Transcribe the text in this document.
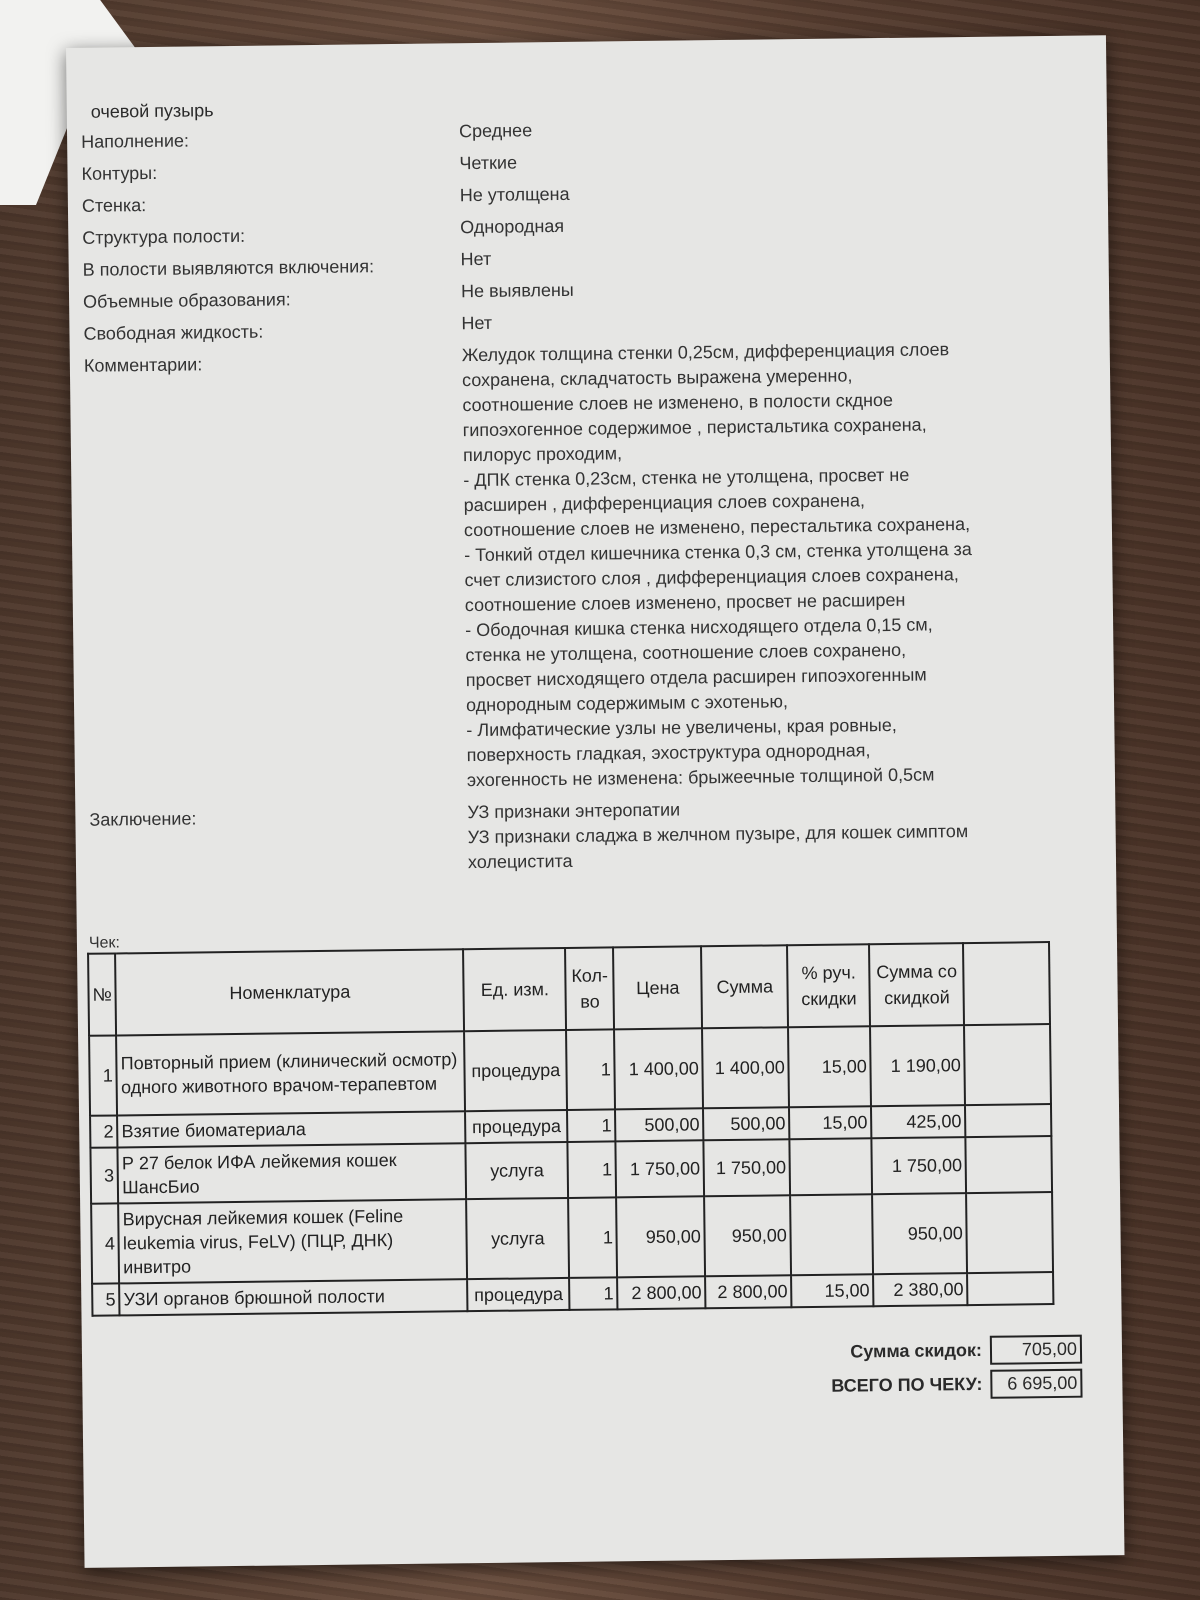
очевой пузырь
Наполнение:	Среднее
Контуры:
Четкие
Стенка:
Не утолщена
Структура полости:	Однородная
В полости выявляются включения:	Нет
Объемные образования:	Не выявлены
Свободная жидкость:	Нет
Комментарии:	Желудок толщина стенки 0,25см, дифференциация слоев
сохранена, складчатость выражена умеренно,
соотношение слоев не изменено, в полости скдное
гипоэхогенное содержимое , перистальтика сохранена,
пилорус проходим,
- ДПК стенка 0,23см, стенка не утолщена, просвет не
расширен , дифференциация слоев сохранена,
соотношение слоев не изменено, перестальтика сохранена,
- Тонкий отдел кишечника стенка 0,3 см, стенка утолщена за
счет слизистого слоя , дифференциация слоев сохранена,
соотношение слоев изменено, просвет не расширен
- Ободочная кишка стенка нисходящего отдела 0,15 см,
стенка не утолщена, соотношение слоев сохранено,
просвет нисходящего отдела расширен гипоэхогенным
однородным содержимым с эхотенью,
- Лимфатические узлы не увеличены, края ровные,
поверхность гладкая, эхоструктура однородная,
эхогенность не изменена: брыжеечные толщиной 0,5см
Заключение:	УЗ признаки энтеропатии
УЗ признаки сладжа в желчном пузыре, для кошек симптом
холецистита
Чек:
№	Номенклатура	Ед. изм.	Кол-во	Цена	Сумма	% руч. скидки	Сумма со скидкой	
1	Повторный прием (клинический осмотр) одного животного врачом-терапевтом	процедура	1	1 400,00	1 400,00	15,00	1 190,00	
2	Взятие биоматериала	процедура	1	500,00	500,00	15,00	425,00	
3	Р 27 белок ИФА лейкемия кошек ШансБио	услуга	1	1 750,00	1 750,00		1 750,00	
4	Вирусная лейкемия кошек (Feline leukemia virus, FeLV) (ПЦР, ДНК) инвитро	услуга	1	950,00	950,00		950,00	
5	УЗИ органов брюшной полости	процедура	1	2 800,00	2 800,00	15,00	2 380,00	
Сумма скидок:	705,00
ВСЕГО ПО ЧЕКУ:	6 695,00
